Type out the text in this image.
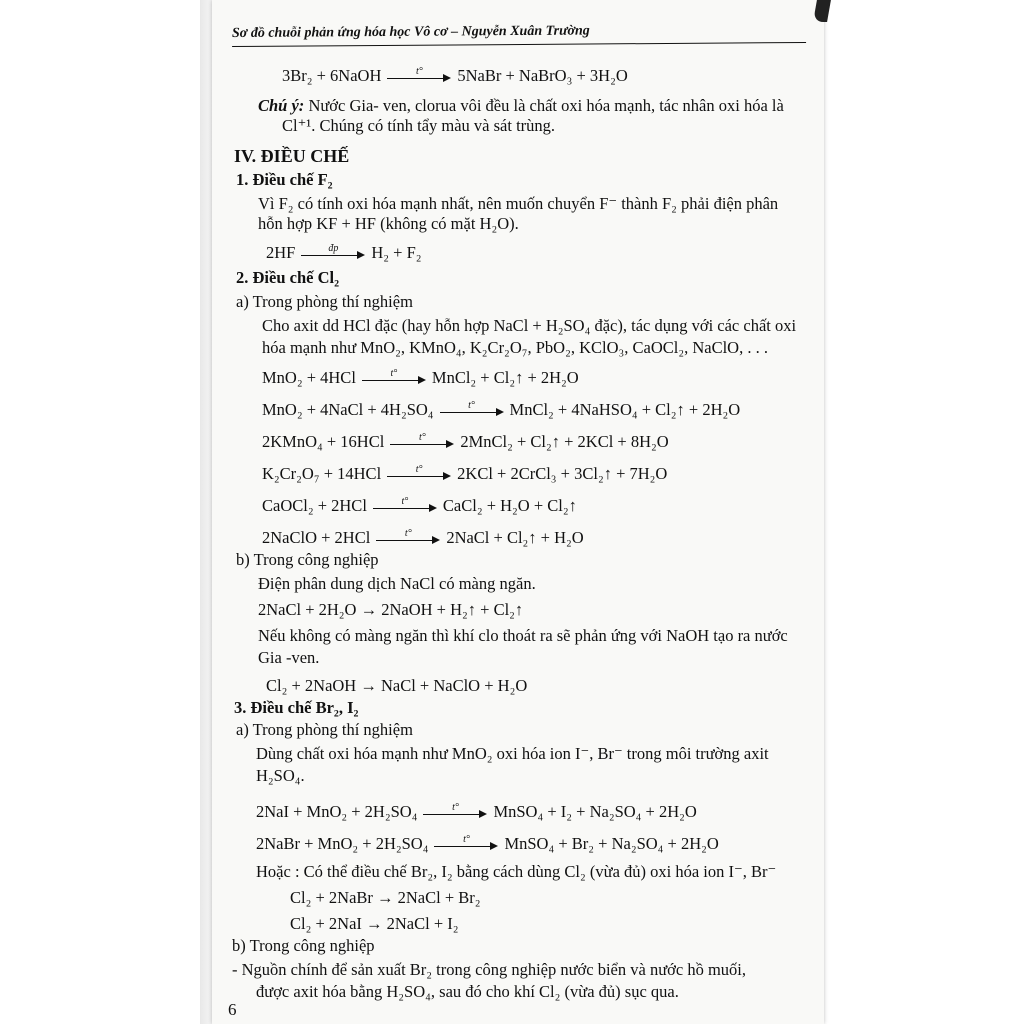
Sơ đồ chuỗi phản ứng hóa học Vô cơ – Nguyễn Xuân Trường
3Br₂ + 6NaOH	t° 5NaBr + NaBrO₃ + 3H₂O
Chú ý: Nước Gia- ven, clorua vôi đều là chất oxi hóa mạnh, tác nhân oxi hóa là
Cl⁺¹. Chúng có tính tẩy màu và sát trùng.
IV. ĐIỀU CHẾ
1. Điều chế F₂
Vì F₂ có tính oxi hóa mạnh nhất, nên muốn chuyển F⁻ thành F₂ phải điện phân
hỗn hợp KF + HF (không có mặt H₂O).
2HF	đp H₂ + F₂
2. Điều chế Cl₂
a) Trong phòng thí nghiệm
Cho axit dd HCl đặc (hay hỗn hợp NaCl + H₂SO₄ đặc), tác dụng với các chất oxi
hóa mạnh như MnO₂, KMnO₄, K₂Cr₂O₇, PbO₂, KClO₃, CaOCl₂, NaClO, . . .
MnO₂ + 4HCl	t° MnCl₂ + Cl₂↑ + 2H₂O
MnO₂ + 4NaCl + 4H₂SO₄	t° MnCl₂ + 4NaHSO₄ + Cl₂↑ + 2H₂O
2KMnO₄ + 16HCl	t° 2MnCl₂ + Cl₂↑ + 2KCl + 8H₂O
K₂Cr₂O₇ + 14HCl	t° 2KCl + 2CrCl₃ + 3Cl₂↑ + 7H₂O
CaOCl₂ + 2HCl	t° CaCl₂ + H₂O + Cl₂↑
2NaClO + 2HCl	t° 2NaCl + Cl₂↑ + H₂O
b) Trong công nghiệp
Điện phân dung dịch NaCl có màng ngăn.
2NaCl + 2H₂O → 2NaOH + H₂↑ + Cl₂↑
Nếu không có màng ngăn thì khí clo thoát ra sẽ phản ứng với NaOH tạo ra nước
Gia -ven.
Cl₂ + 2NaOH → NaCl + NaClO + H₂O
3. Điều chế Br₂, I₂
a) Trong phòng thí nghiệm
Dùng chất oxi hóa mạnh như MnO₂ oxi hóa ion I⁻, Br⁻ trong môi trường axit
H₂SO₄.
2NaI + MnO₂ + 2H₂SO₄	t° MnSO₄ + I₂ + Na₂SO₄ + 2H₂O
2NaBr + MnO₂ + 2H₂SO₄	t° MnSO₄ + Br₂ + Na₂SO₄ + 2H₂O
Hoặc : Có thể điều chế Br₂, I₂ bằng cách dùng Cl₂ (vừa đủ) oxi hóa ion I⁻, Br⁻
Cl₂ + 2NaBr → 2NaCl + Br₂
Cl₂ + 2NaI → 2NaCl + I₂
b) Trong công nghiệp
- Nguồn chính để sản xuất Br₂ trong công nghiệp nước biển và nước hồ muối,
được axit hóa bằng H₂SO₄, sau đó cho khí Cl₂ (vừa đủ) sục qua.
6
